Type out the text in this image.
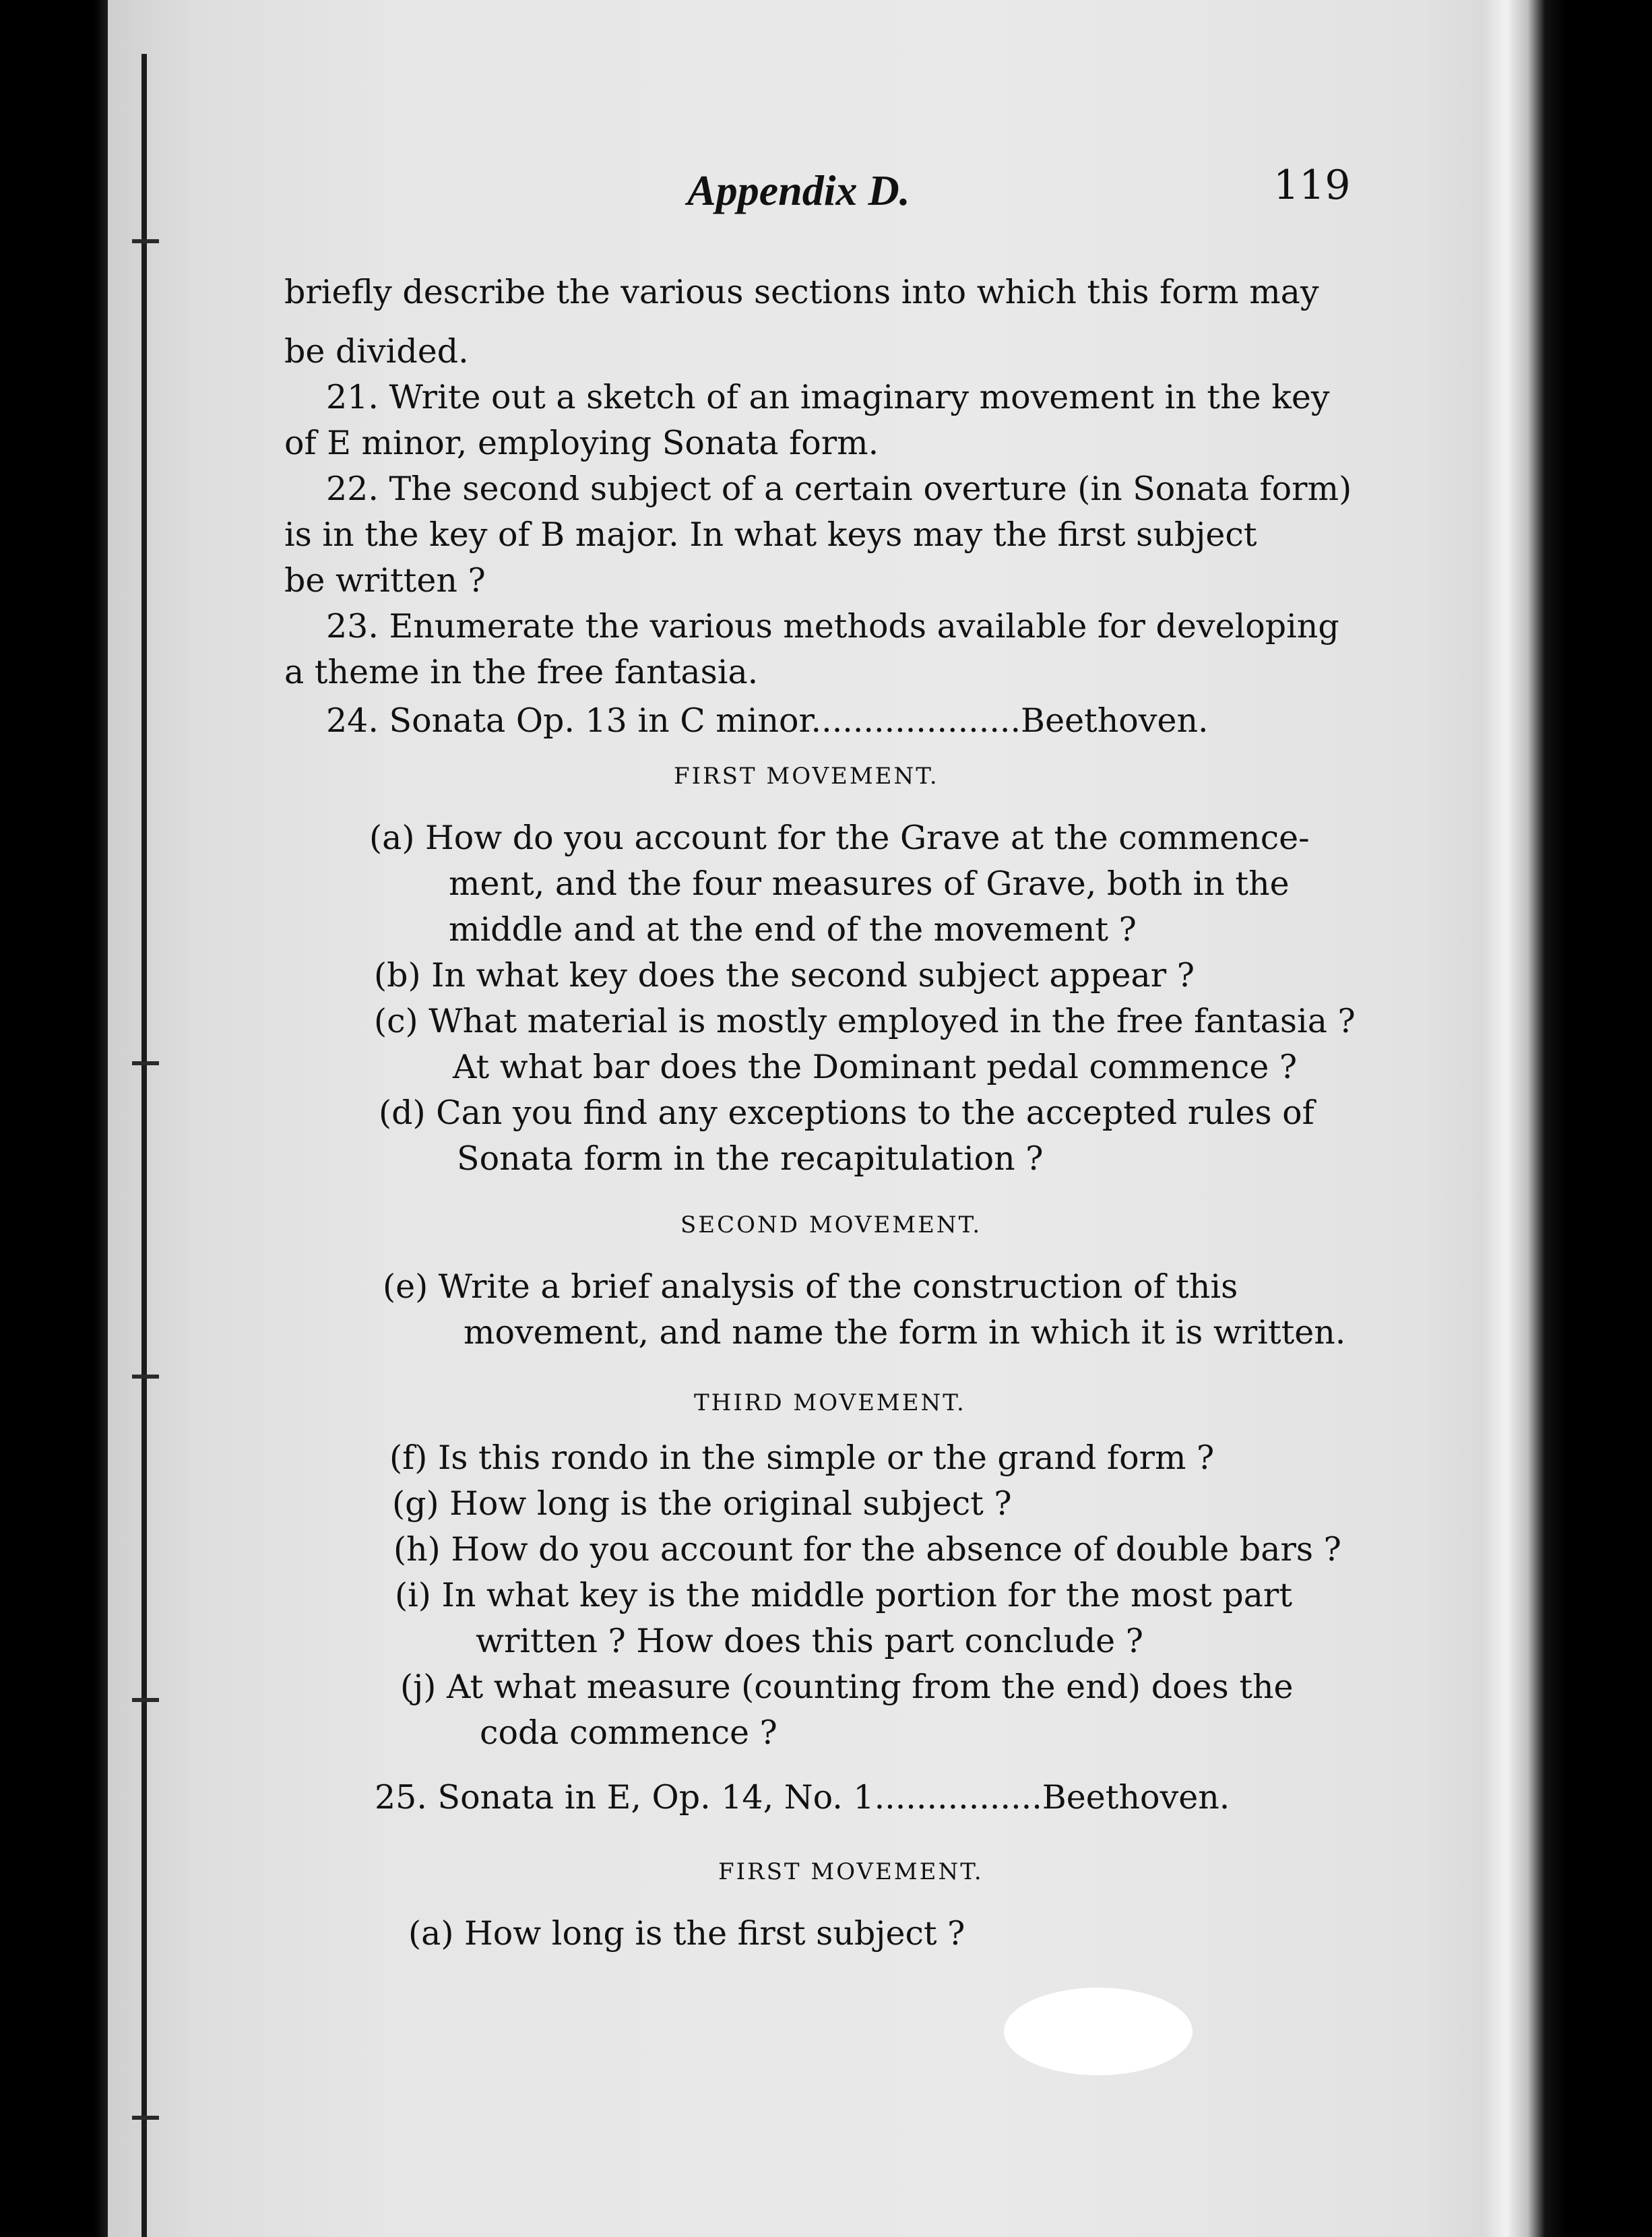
Appendix D.	119

briefly describe the various sections into which this form may

be divided.

21. Write out a sketch of an imaginary movement in the key

of E minor, employing Sonata form.

22. The second subject of a certain overture (in Sonata form)

is in the key of B major. In what keys may the first subject

be written ?

23. Enumerate the various methods available for developing

a theme in the free fantasia.

24. Sonata Op. 13 in C minor....................Beethoven.

FIRST MOVEMENT.

(a) How do you account for the Grave at the commence-

ment, and the four measures of Grave, both in the

middle and at the end of the movement ?

(b) In what key does the second subject appear ?

(c) What material is mostly employed in the free fantasia ?

At what bar does the Dominant pedal commence ?

(d) Can you find any exceptions to the accepted rules of

Sonata form in the recapitulation ?

SECOND MOVEMENT.

(e) Write a brief analysis of the construction of this

movement, and name the form in which it is written.

THIRD MOVEMENT.

(f) Is this rondo in the simple or the grand form ?

(g) How long is the original subject ?

(h) How do you account for the absence of double bars ?

(i) In what key is the middle portion for the most part

written ? How does this part conclude ?

(j) At what measure (counting from the end) does the

coda commence ?

25. Sonata in E, Op. 14, No. 1................Beethoven.

FIRST MOVEMENT.

(a) How long is the first subject ?
